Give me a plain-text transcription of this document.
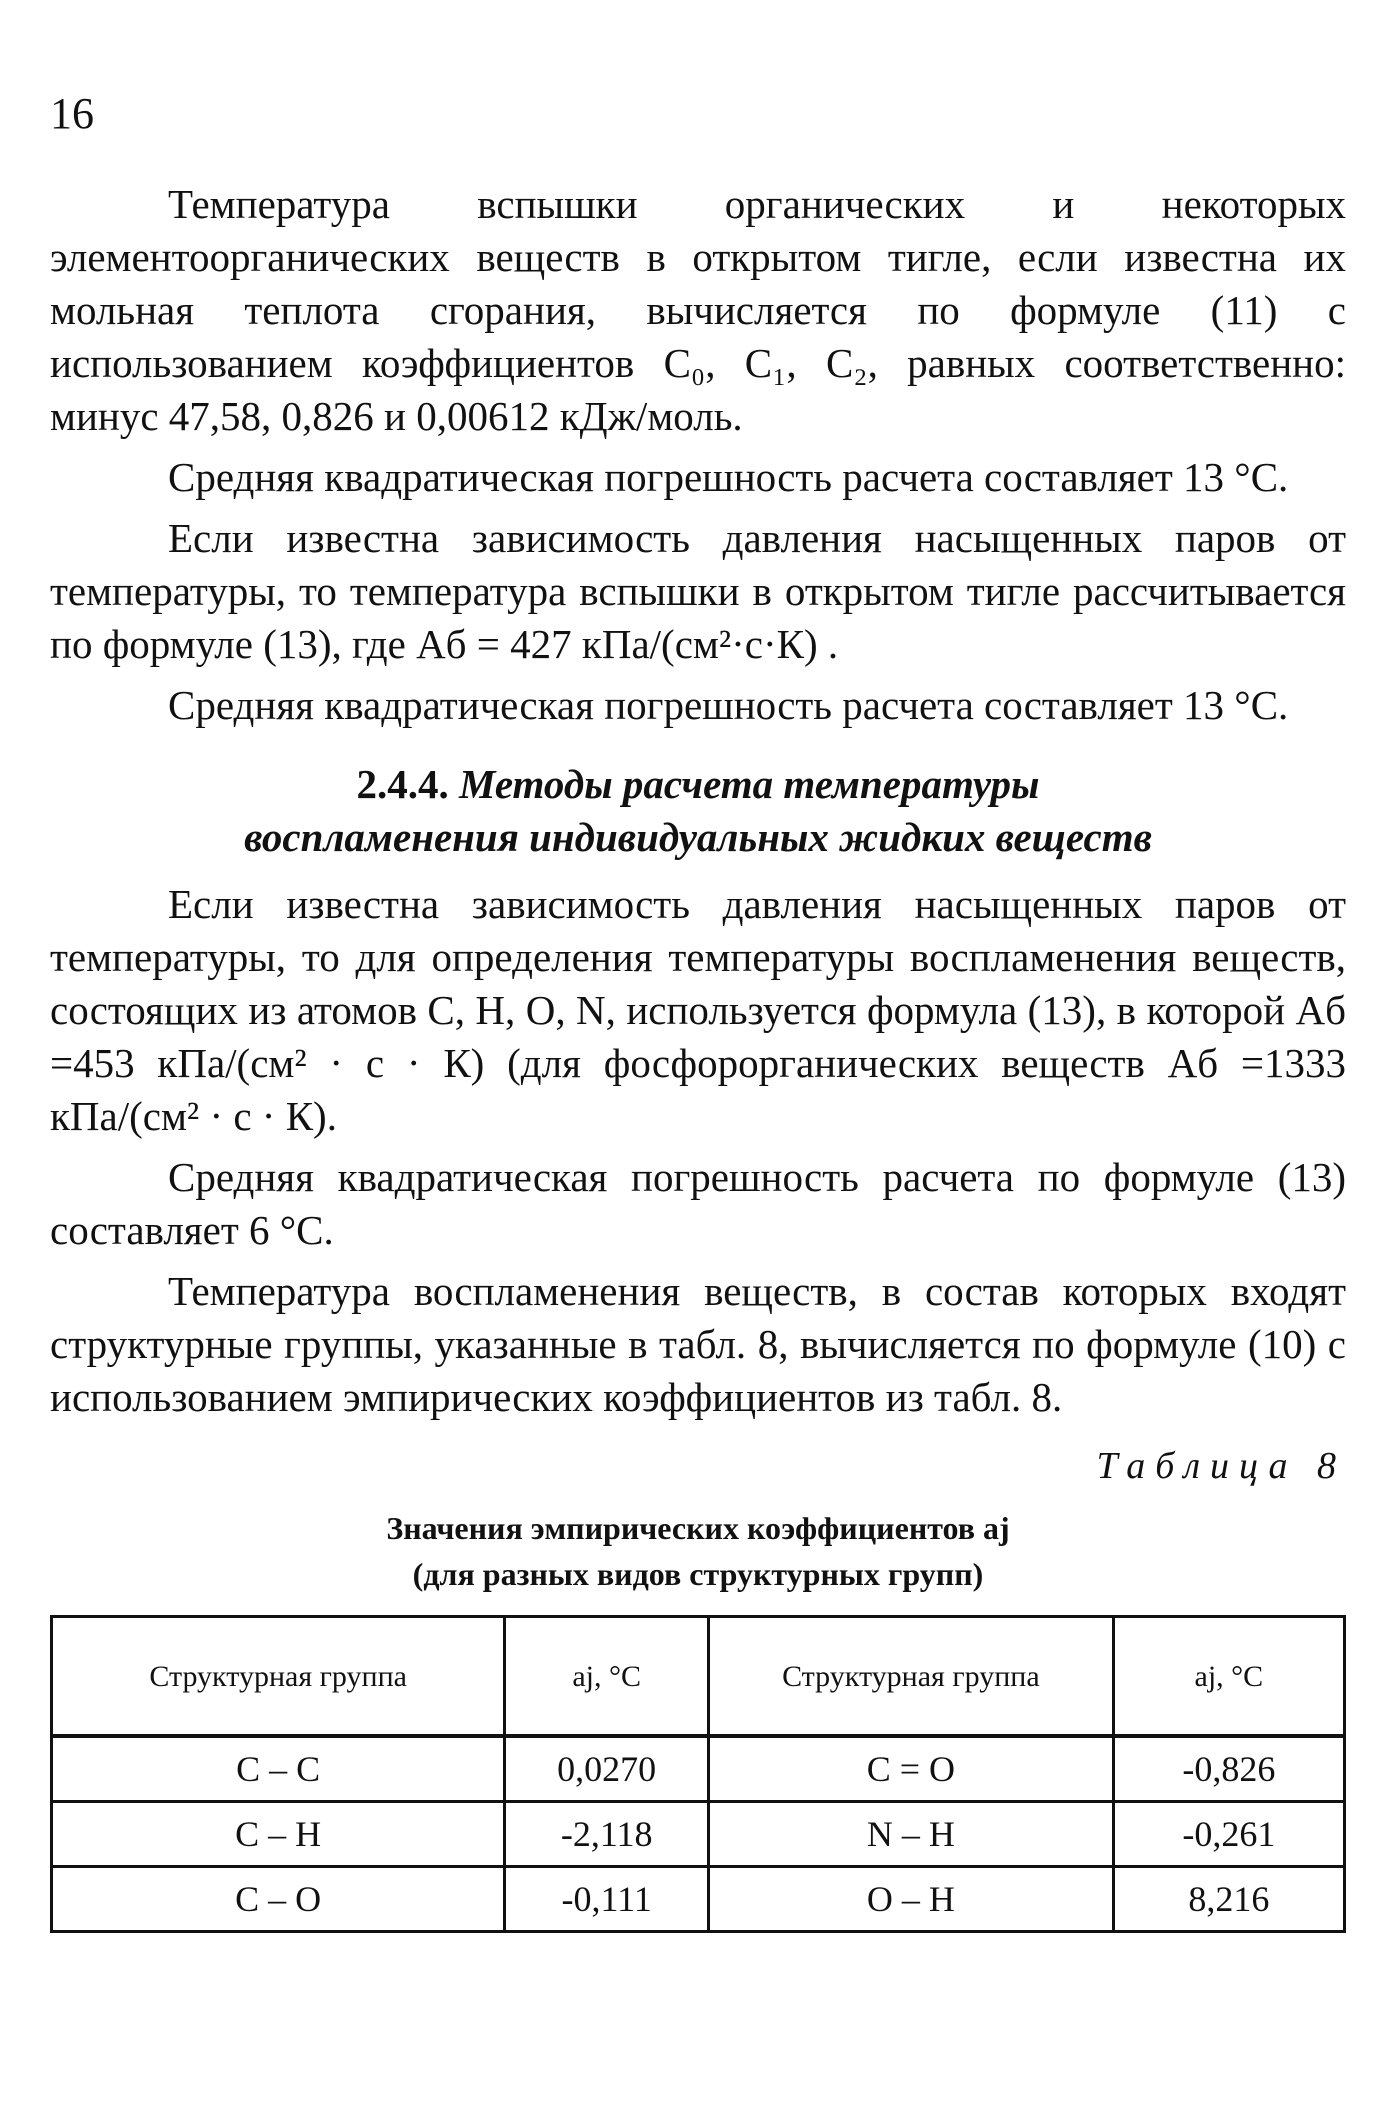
16

Температура вспышки органических и некоторых элементоорганических веществ в открытом тигле, если известна их мольная теплота сгорания, вычисляется по формуле (11) с использованием коэффициентов C₀, C₁, C₂, равных соответственно: минус 47,58, 0,826 и 0,00612 кДж/моль.

Средняя квадратическая погрешность расчета составляет 13 °C.

Если известна зависимость давления насыщенных паров от температуры, то температура вспышки в открытом тигле рассчитывается по формуле (13), где Aб = 427 кПа/(см²·с·К) .

Средняя квадратическая погрешность расчета составляет 13 °C.

2.4.4. Методы расчета температуры
воспламенения индивидуальных жидких веществ

Если известна зависимость давления насыщенных паров от температуры, то для определения температуры воспламенения веществ, состоящих из атомов C, H, O, N, используется формула (13), в которой Aб =453 кПа/(см² · с · К) (для фосфорорганических веществ Aб =1333 кПа/(см² · с · К).

Средняя квадратическая погрешность расчета по формуле (13) составляет 6 °C.

Температура воспламенения веществ, в состав которых входят структурные группы, указанные в табл. 8, вычисляется по формуле (10) с использованием эмпирических коэффициентов из табл. 8.

Таблица 8
Значения эмпирических коэффициентов aj
(для разных видов структурных групп)
Структурная группа	aj, °C	Структурная группа	aj, °C
C – C	0,0270	C = O	-0,826
C – H	-2,118	N – H	-0,261
C – O	-0,111	O – H	8,216
